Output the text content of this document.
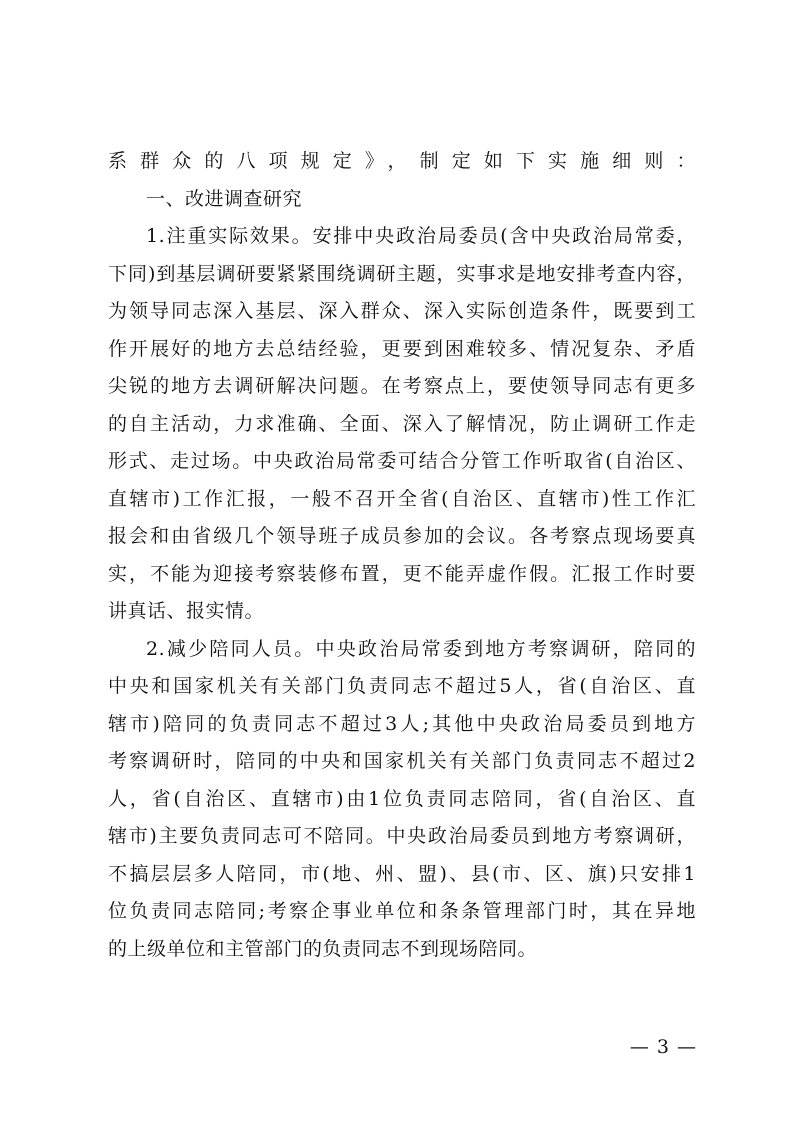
系群众的八项规定》，制定如下实施细则：
一、改进调查研究
1.注重实际效果。安排中央政治局委员(含中央政治局常委，
下同)到基层调研要紧紧围绕调研主题，实事求是地安排考查内容，
为领导同志深入基层、深入群众、深入实际创造条件，既要到工
作开展好的地方去总结经验，更要到困难较多、情况复杂、矛盾
尖锐的地方去调研解决问题。在考察点上，要使领导同志有更多
的自主活动，力求准确、全面、深入了解情况，防止调研工作走
形式、走过场。中央政治局常委可结合分管工作听取省(自治区、
直辖市)工作汇报，一般不召开全省(自治区、直辖市)性工作汇
报会和由省级几个领导班子成员参加的会议。各考察点现场要真
实，不能为迎接考察装修布置，更不能弄虚作假。汇报工作时要
讲真话、报实情。
2.减少陪同人员。中央政治局常委到地方考察调研，陪同的
中央和国家机关有关部门负责同志不超过5人，省(自治区、直
辖市)陪同的负责同志不超过3人;其他中央政治局委员到地方
考察调研时，陪同的中央和国家机关有关部门负责同志不超过2
人，省(自治区、直辖市)由1位负责同志陪同，省(自治区、直
辖市)主要负责同志可不陪同。中央政治局委员到地方考察调研，
不搞层层多人陪同，市(地、州、盟)、县(市、区、旗)只安排1
位负责同志陪同;考察企事业单位和条条管理部门时，其在异地
的上级单位和主管部门的负责同志不到现场陪同。
— 3 —
